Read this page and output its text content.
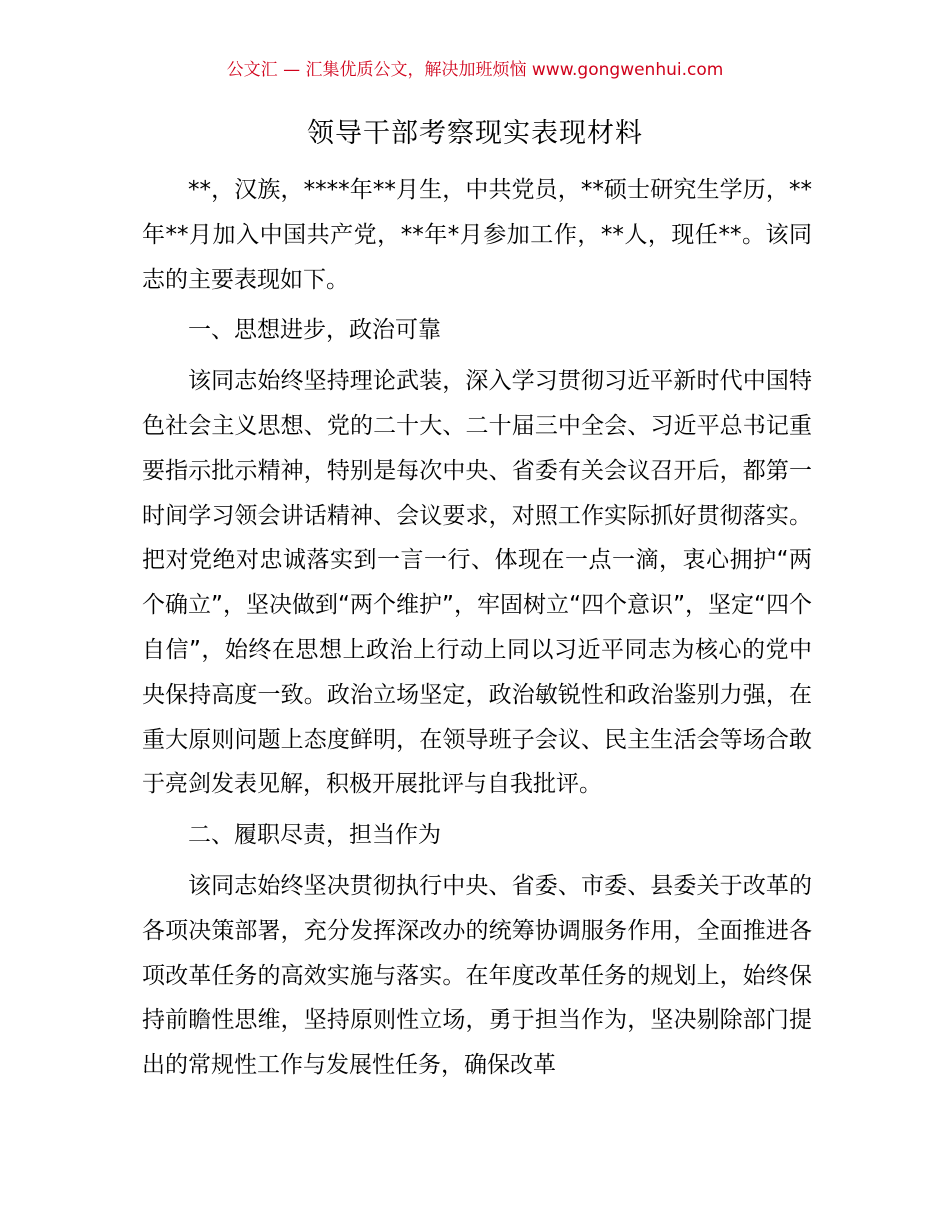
公文汇 — 汇集优质公文，解决加班烦恼 www.gongwenhui.com
领导干部考察现实表现材料

**，汉族，****年**月生，中共党员，**硕士研究生学历，**年**月加入中国共产党，**年*月参加工作，**人，现任**。该同志的主要表现如下。

一、思想进步，政治可靠

该同志始终坚持理论武装，深入学习贯彻习近平新时代中国特色社会主义思想、党的二十大、二十届三中全会、习近平总书记重要指示批示精神，特别是每次中央、省委有关会议召开后，都第一时间学习领会讲话精神、会议要求，对照工作实际抓好贯彻落实。把对党绝对忠诚落实到一言一行、体现在一点一滴，衷心拥护“两个确立”，坚决做到“两个维护”，牢固树立“四个意识”，坚定“四个自信”，始终在思想上政治上行动上同以习近平同志为核心的党中央保持高度一致。政治立场坚定，政治敏锐性和政治鉴别力强，在重大原则问题上态度鲜明，在领导班子会议、民主生活会等场合敢于亮剑发表见解，积极开展批评与自我批评。

二、履职尽责，担当作为

该同志始终坚决贯彻执行中央、省委、市委、县委关于改革的各项决策部署，充分发挥深改办的统筹协调服务作用，全面推进各项改革任务的高效实施与落实。在年度改革任务的规划上，始终保持前瞻性思维，坚持原则性立场，勇于担当作为，坚决剔除部门提出的常规性工作与发展性任务，确保改革
